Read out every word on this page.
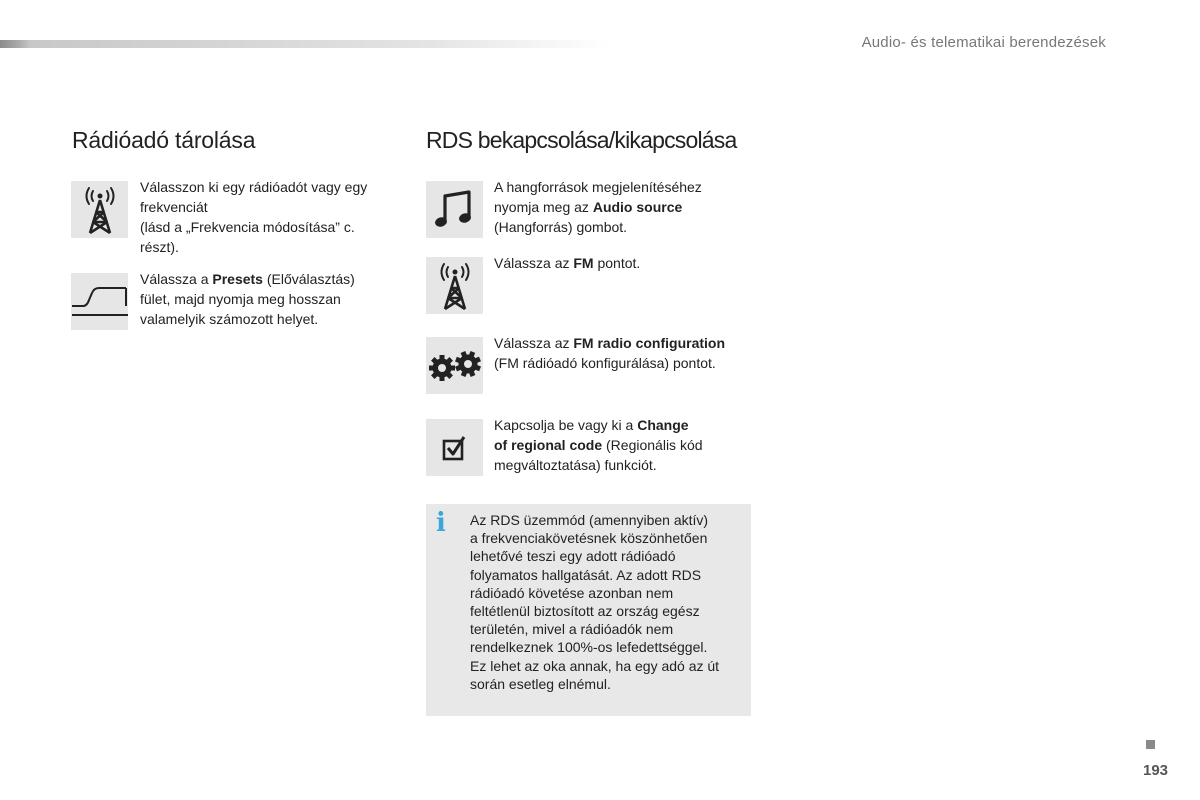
Audio- és telematikai berendezések
Rádióadó tárolása
Válasszon ki egy rádióadót vagy egy
frekvenciát
(lásd a „Frekvencia módosítása” c.
részt).
Válassza a Presets (Előválasztás)
fület, majd nyomja meg hosszan
valamelyik számozott helyet.
RDS bekapcsolása/kikapcsolása
A hangforrások megjelenítéséhez
nyomja meg az Audio source
(Hangforrás) gombot.
Válassza az FM pontot.
Válassza az FM radio configuration
(FM rádióadó konfigurálása) pontot.
Kapcsolja be vagy ki a Change
of regional code (Regionális kód
megváltoztatása) funkciót.
i Az RDS üzemmód (amennyiben aktív)
a frekvenciakövetésnek köszönhetően
lehetővé teszi egy adott rádióadó
folyamatos hallgatását. Az adott RDS
rádióadó követése azonban nem
feltétlenül biztosított az ország egész
területén, mivel a rádióadók nem
rendelkeznek 100%-os lefedettséggel.
Ez lehet az oka annak, ha egy adó az út
során esetleg elnémul.
193
